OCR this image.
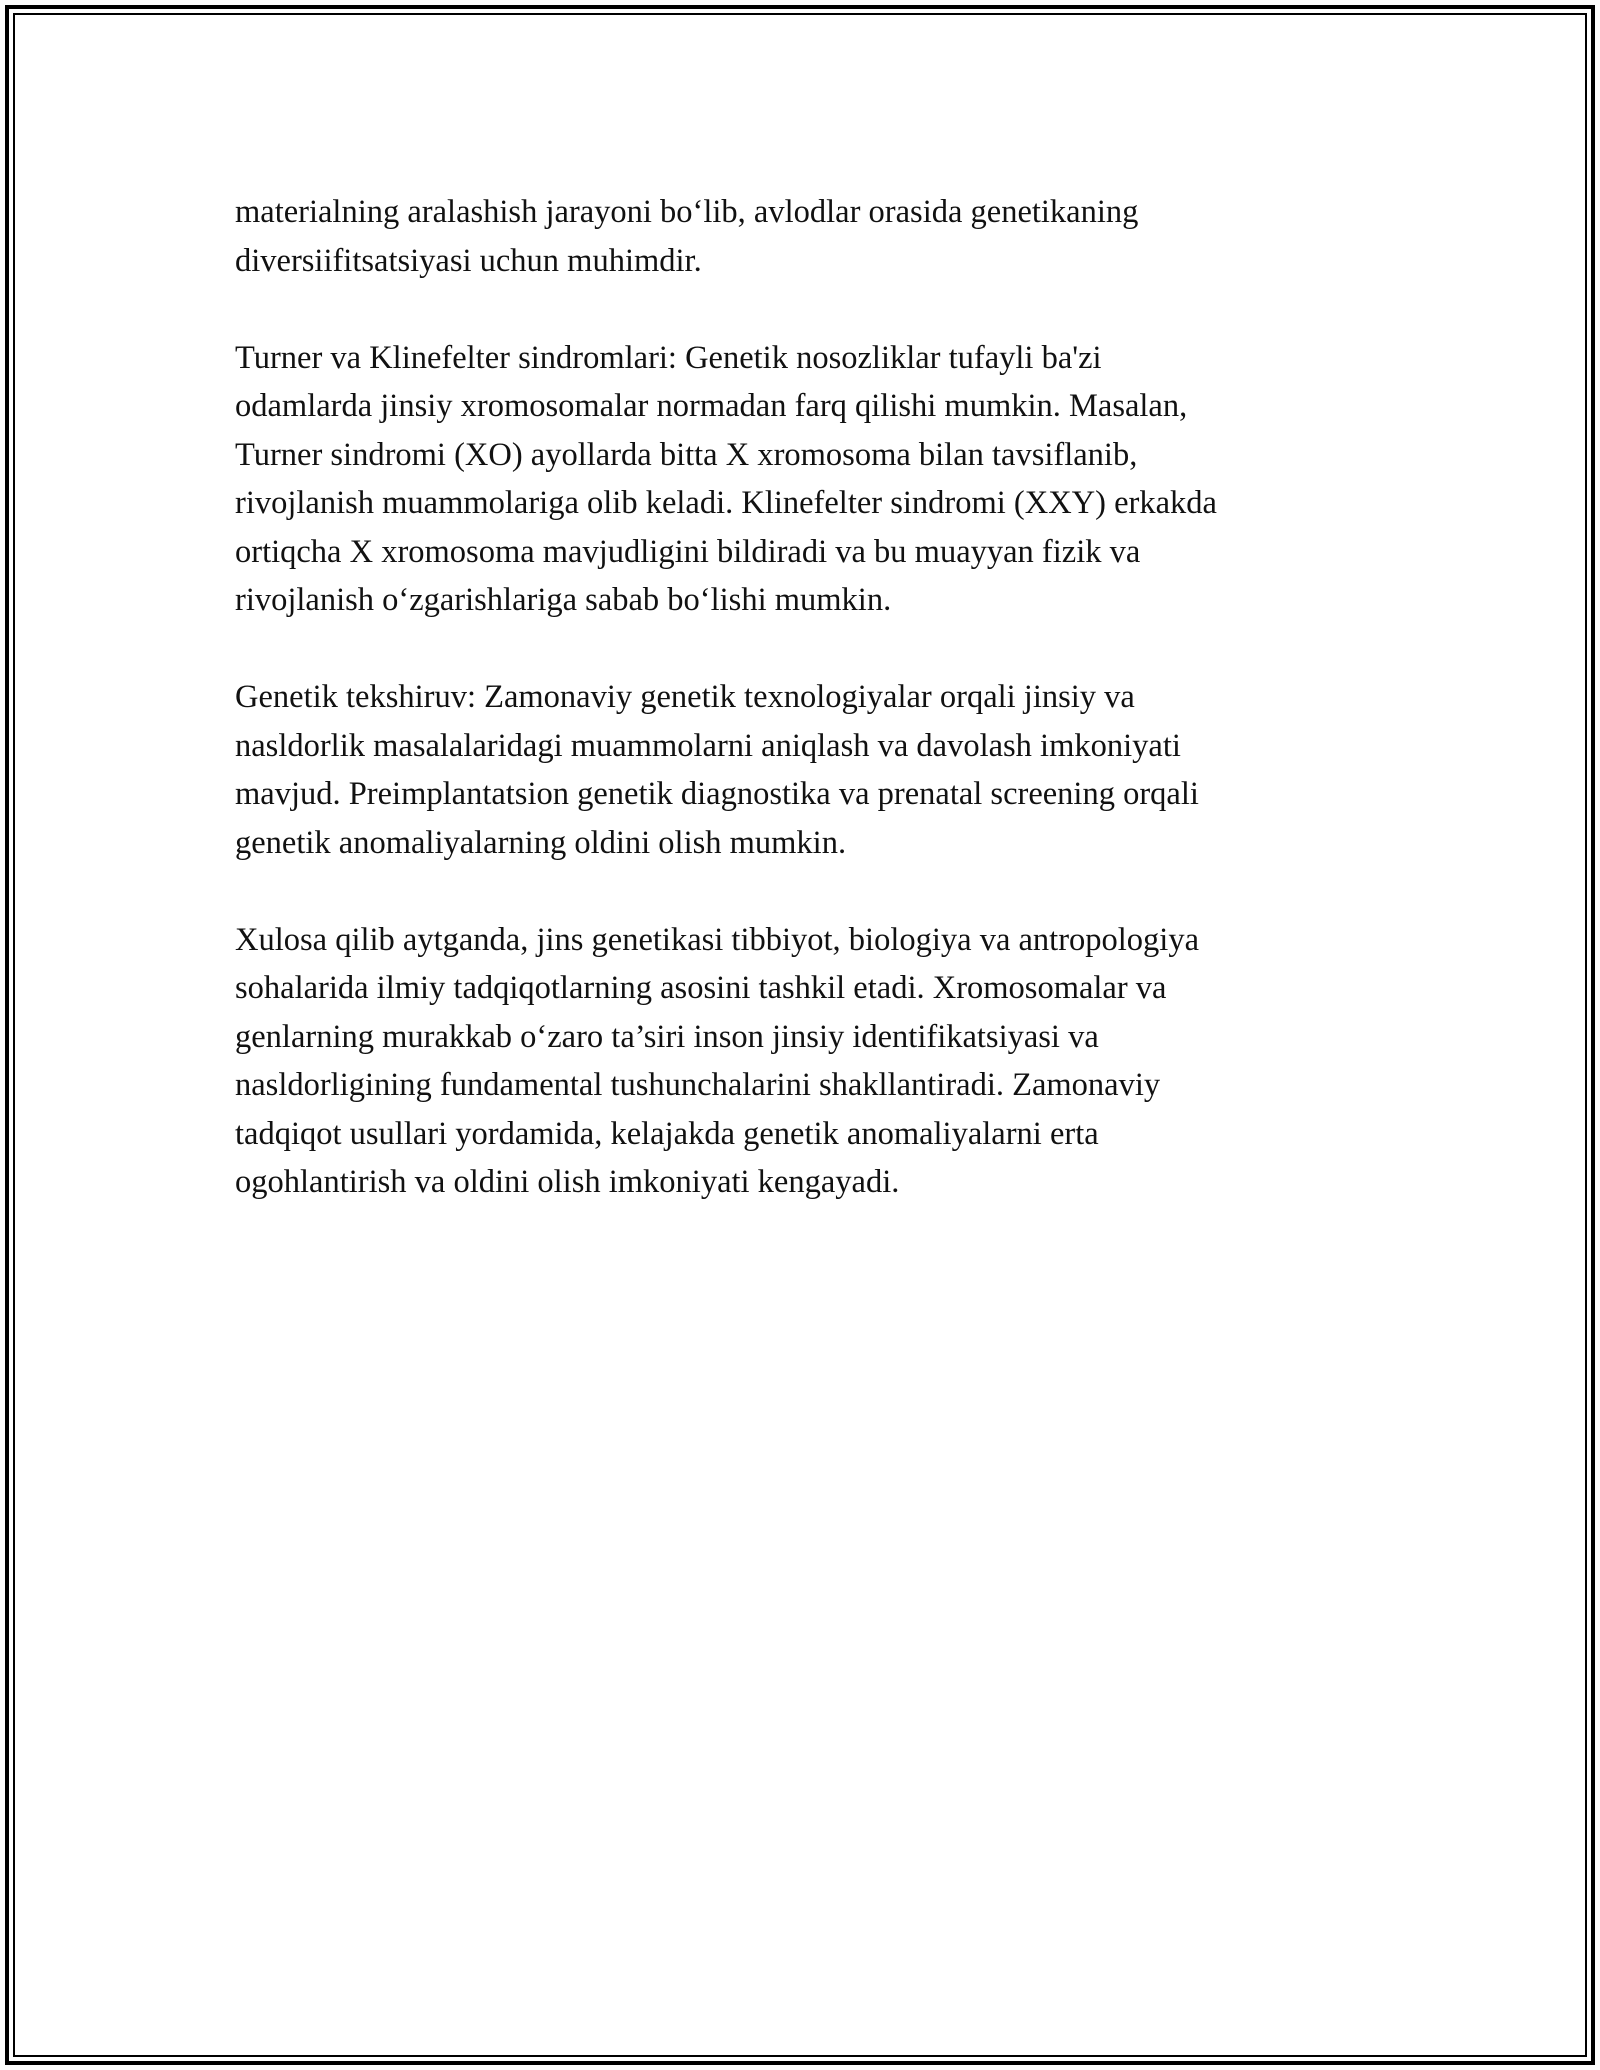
materialning aralashish jarayoni bo‘lib, avlodlar orasida genetikaning
diversiifitsatsiyasi uchun muhimdir.

Turner va Klinefelter sindromlari: Genetik nosozliklar tufayli ba'zi
odamlarda jinsiy xromosomalar normadan farq qilishi mumkin. Masalan,
Turner sindromi (XO) ayollarda bitta X xromosoma bilan tavsiflanib,
rivojlanish muammolariga olib keladi. Klinefelter sindromi (XXY) erkakda
ortiqcha X xromosoma mavjudligini bildiradi va bu muayyan fizik va
rivojlanish o‘zgarishlariga sabab bo‘lishi mumkin.

Genetik tekshiruv: Zamonaviy genetik texnologiyalar orqali jinsiy va
nasldorlik masalalaridagi muammolarni aniqlash va davolash imkoniyati
mavjud. Preimplantatsion genetik diagnostika va prenatal screening orqali
genetik anomaliyalarning oldini olish mumkin.

Xulosa qilib aytganda, jins genetikasi tibbiyot, biologiya va antropologiya
sohalarida ilmiy tadqiqotlarning asosini tashkil etadi. Xromosomalar va
genlarning murakkab o‘zaro ta’siri inson jinsiy identifikatsiyasi va
nasldorligining fundamental tushunchalarini shakllantiradi. Zamonaviy
tadqiqot usullari yordamida, kelajakda genetik anomaliyalarni erta
ogohlantirish va oldini olish imkoniyati kengayadi.
